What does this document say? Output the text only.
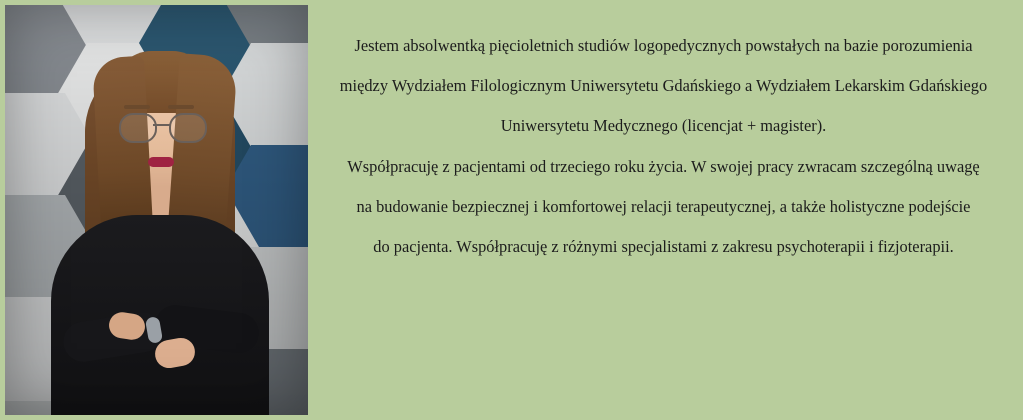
Jestem absolwentką pięcioletnich studiów logopedycznych powstałych na bazie porozumienia
między Wydziałem Filologicznym Uniwersytetu Gdańskiego a Wydziałem Lekarskim Gdańskiego
Uniwersytetu Medycznego (licencjat + magister).
Współpracuję z pacjentami od trzeciego roku życia. W swojej pracy zwracam szczególną uwagę
na budowanie bezpiecznej i komfortowej relacji terapeutycznej, a także holistyczne podejście
do pacjenta. Współpracuję z różnymi specjalistami z zakresu psychoterapii i fizjoterapii.
